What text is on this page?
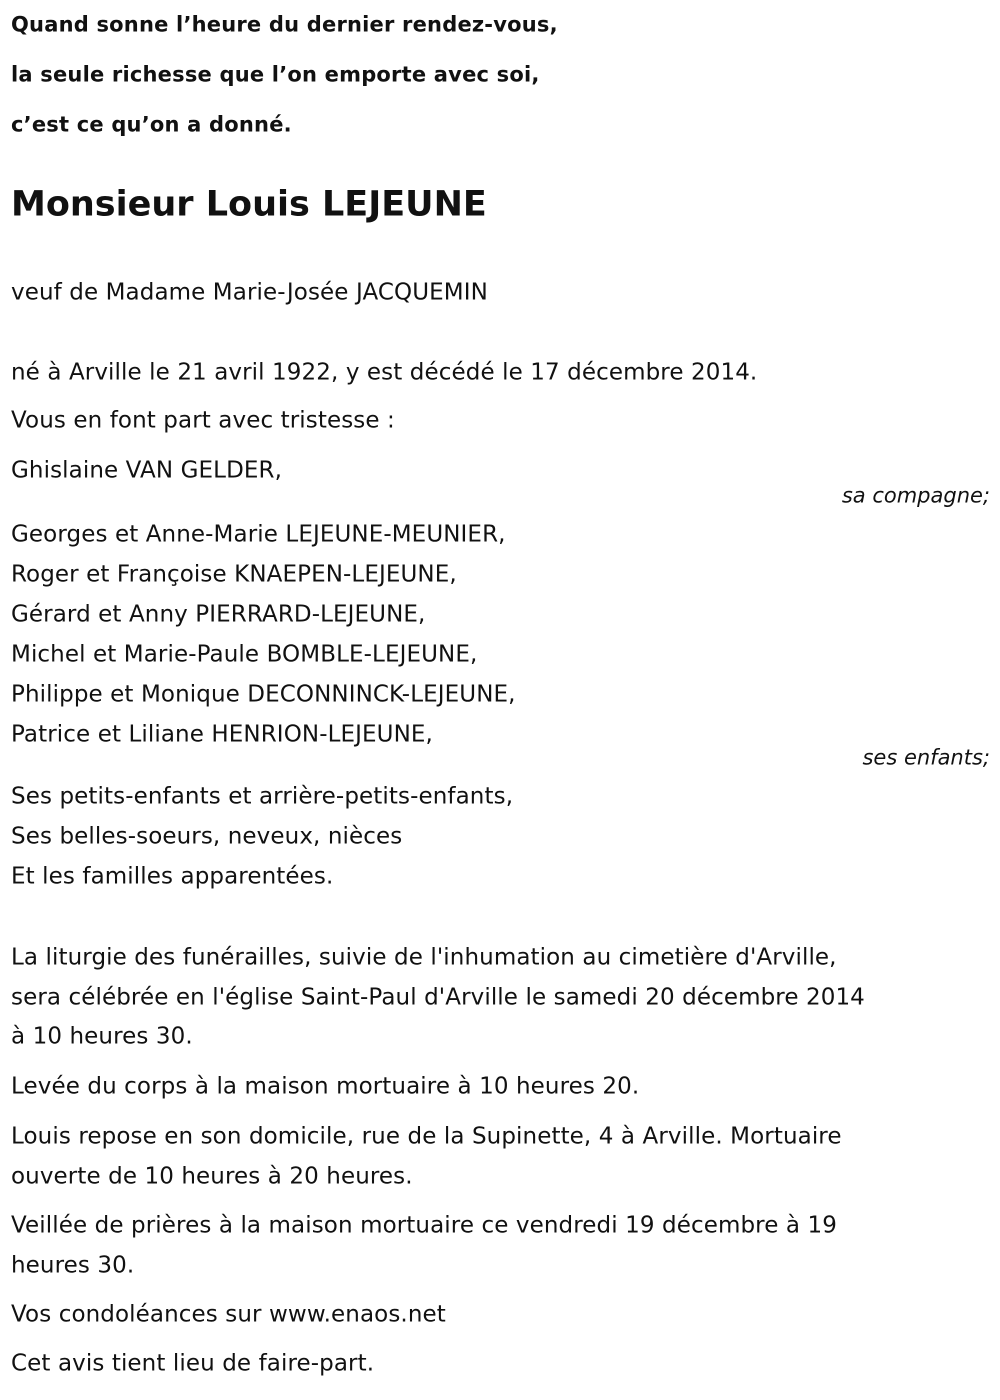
Quand sonne l’heure du dernier rendez-vous,
la seule richesse que l’on emporte avec soi,
c’est ce qu’on a donné.
Monsieur Louis LEJEUNE
veuf de Madame Marie-Josée JACQUEMIN
né à Arville le 21 avril 1922, y est décédé le 17 décembre 2014.
Vous en font part avec tristesse :
Ghislaine VAN GELDER,
sa compagne;
Georges et Anne-Marie LEJEUNE-MEUNIER,
Roger et Françoise KNAEPEN-LEJEUNE,
Gérard et Anny PIERRARD-LEJEUNE,
Michel et Marie-Paule BOMBLE-LEJEUNE,
Philippe et Monique DECONNINCK-LEJEUNE,
Patrice et Liliane HENRION-LEJEUNE,
ses enfants;
Ses petits-enfants et arrière-petits-enfants,
Ses belles-soeurs, neveux, nièces
Et les familles apparentées.
La liturgie des funérailles, suivie de l'inhumation au cimetière d'Arville,
sera célébrée en l'église Saint-Paul d'Arville le samedi 20 décembre 2014
à 10 heures 30.
Levée du corps à la maison mortuaire à 10 heures 20.
Louis repose en son domicile, rue de la Supinette, 4 à Arville. Mortuaire
ouverte de 10 heures à 20 heures.
Veillée de prières à la maison mortuaire ce vendredi 19 décembre à 19
heures 30.
Vos condoléances sur www.enaos.net
Cet avis tient lieu de faire-part.
